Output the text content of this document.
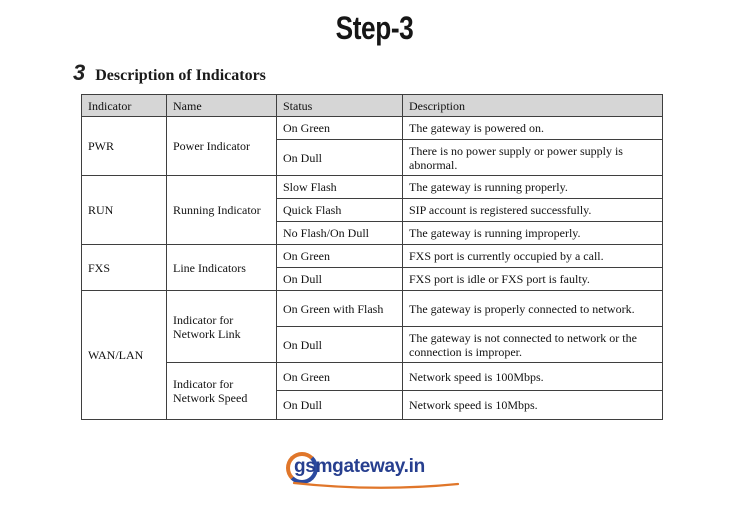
Step-3
3 Description of Indicators
Indicator	Name	Status	Description
PWR	Power Indicator	On Green	The gateway is powered on.
		On Dull	There is no power supply or power supply is abnormal.
RUN	Running Indicator	Slow Flash	The gateway is running properly.
		Quick Flash	SIP account is registered successfully.
		No Flash/On Dull	The gateway is running improperly.
FXS	Line Indicators	On Green	FXS port is currently occupied by a call.
		On Dull	FXS port is idle or FXS port is faulty.
WAN/LAN	Indicator for Network Link	On Green with Flash	The gateway is properly connected to network.
		On Dull	The gateway is not connected to network or the connection is improper.
	Indicator for Network Speed	On Green	Network speed is 100Mbps.
		On Dull	Network speed is 10Mbps.
gsmgateway.in
